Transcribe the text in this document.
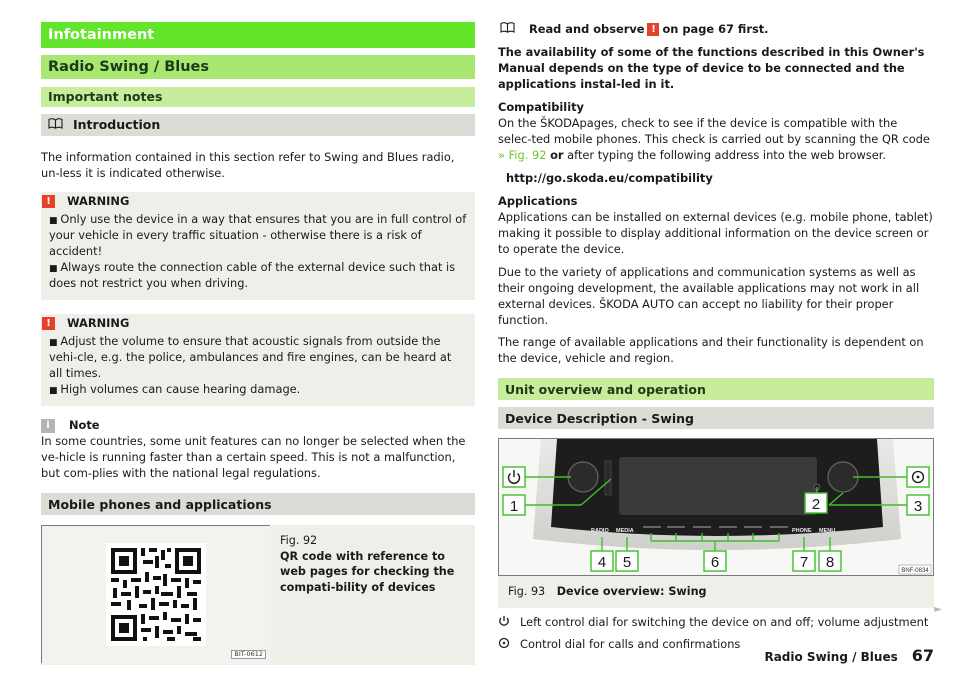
Infotainment
Radio Swing / Blues
Important notes
Introduction

The information contained in this section refer to Swing and Blues radio, un-less it is indicated otherwise.

!	WARNING
■ Only use the device in a way that ensures that you are in full control of your vehicle in every traffic situation - otherwise there is a risk of accident!
■ Always route the connection cable of the external device such that is does not restrict you when driving.
!	WARNING
■ Adjust the volume to ensure that acoustic signals from outside the vehi-cle, e.g. the police, ambulances and fire engines, can be heard at all times.
■ High volumes can cause hearing damage.
i	Note

In some countries, some unit features can no longer be selected when the ve-hicle is running faster than a certain speed. This is not a malfunction, but com-plies with the national legal regulations.

Mobile phones and applications
BIT-0612
Fig. 92
QR code with reference to web pages for checking the compati-bility of devices
Read and observe ! on page 67 first.

The availability of some of the functions described in this Owner's Manual depends on the type of device to be connected and the applications instal-led in it.

Compatibility

On the ŠKODApages, check to see if the device is compatible with the selec-ted mobile phones. This check is carried out by scanning the QR code » Fig. 92 or after typing the following address into the web browser.

http://go.skoda.eu/compatibility

Applications

Applications can be installed on external devices (e.g. mobile phone, tablet) making it possible to display additional information on the device screen or to operate the device.

Due to the variety of applications and communication systems as well as their ongoing development, the available applications may not work in all external devices. ŠKODA AUTO can accept no liability for their proper function.

The range of available applications and their functionality is dependent on the device, vehicle and region.

Unit overview and operation
Device Description - Swing
RADIO MEDIA	PHONE MENU
1	2	3
4 5	6	7 8	BNF-0834
Fig. 93 Device overview: Swing
Left control dial for switching the device on and off; volume adjustment
Control dial for calls and confirmations
►
Radio Swing / Blues 67
